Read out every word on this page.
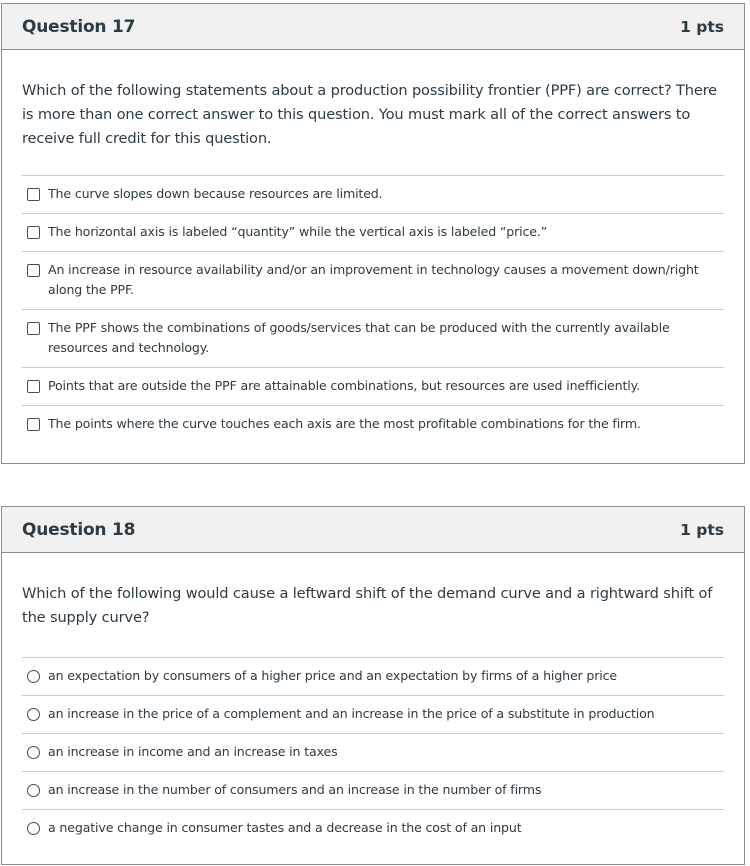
Question 17	1 pts
Which of the following statements about a production possibility frontier (PPF) are correct? There is more than one correct answer to this question. You must mark all of the correct answers to receive full credit for this question.
The curve slopes down because resources are limited.
The horizontal axis is labeled “quantity” while the vertical axis is labeled “price.”
An increase in resource availability and/or an improvement in technology causes a movement down/right along the PPF.
The PPF shows the combinations of goods/services that can be produced with the currently available resources and technology.
Points that are outside the PPF are attainable combinations, but resources are used inefficiently.
The points where the curve touches each axis are the most profitable combinations for the firm.
Question 18	1 pts
Which of the following would cause a leftward shift of the demand curve and a rightward shift of the supply curve?
an expectation by consumers of a higher price and an expectation by firms of a higher price
an increase in the price of a complement and an increase in the price of a substitute in production
an increase in income and an increase in taxes
an increase in the number of consumers and an increase in the number of firms
a negative change in consumer tastes and a decrease in the cost of an input
